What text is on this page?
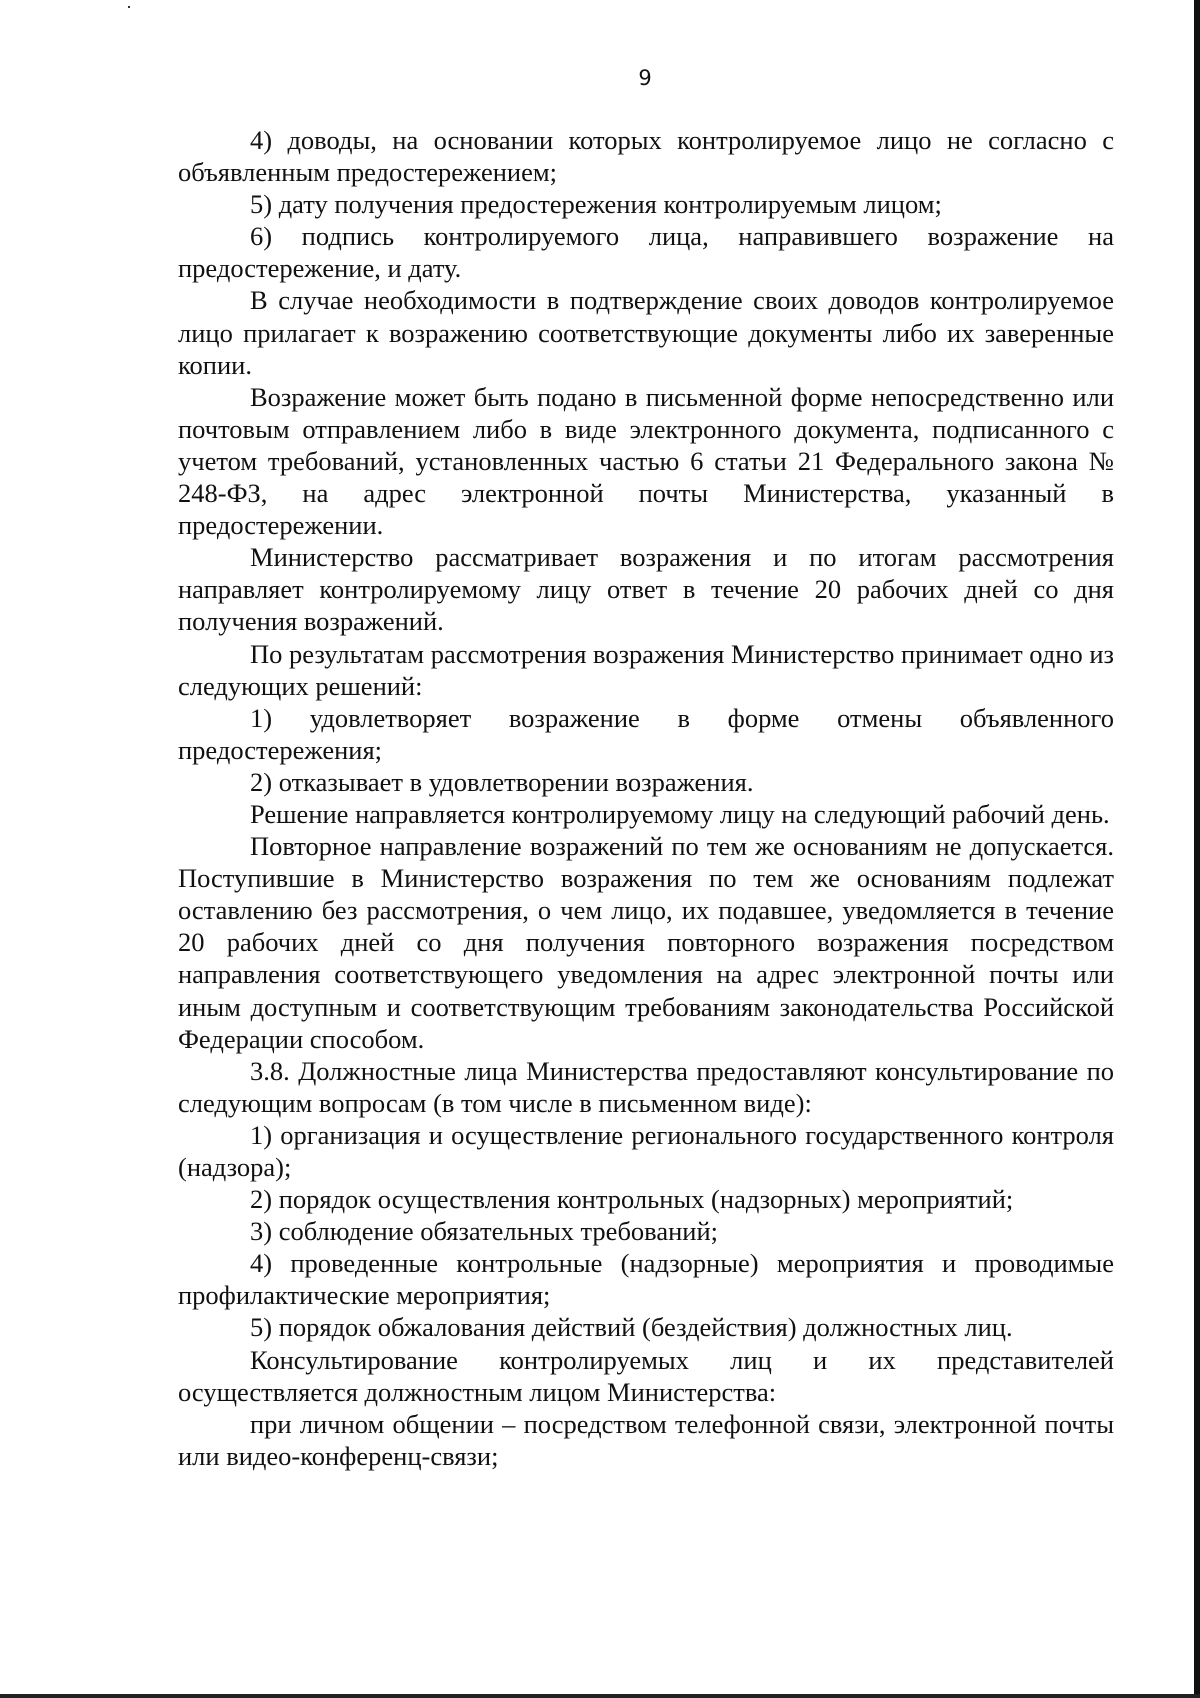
9

4) доводы, на основании которых контролируемое лицо не согласно с объявленным предостережением;

5) дату получения предостережения контролируемым лицом;

6) подпись контролируемого лица, направившего возражение на предостережение, и дату.

В случае необходимости в подтверждение своих доводов контролируемое лицо прилагает к возражению соответствующие документы либо их заверенные копии.

Возражение может быть подано в письменной форме непосредственно или почтовым отправлением либо в виде электронного документа, подписанного с учетом требований, установленных частью 6 статьи 21 Федерального закона № 248-ФЗ, на адрес электронной почты Министерства, указанный в предостережении.

Министерство рассматривает возражения и по итогам рассмотрения направляет контролируемому лицу ответ в течение 20 рабочих дней со дня получения возражений.

По результатам рассмотрения возражения Министерство принимает одно из следующих решений:

1) удовлетворяет возражение в форме отмены объявленного предостережения;

2) отказывает в удовлетворении возражения.

Решение направляется контролируемому лицу на следующий рабочий день.

Повторное направление возражений по тем же основаниям не допускается. Поступившие в Министерство возражения по тем же основаниям подлежат оставлению без рассмотрения, о чем лицо, их подавшее, уведомляется в течение 20 рабочих дней со дня получения повторного возражения посредством направления соответствующего уведомления на адрес электронной почты или иным доступным и соответствующим требованиям законодательства Российской Федерации способом.

3.8. Должностные лица Министерства предоставляют консультирование по следующим вопросам (в том числе в письменном виде):

1) организация и осуществление регионального государственного контроля (надзора);

2) порядок осуществления контрольных (надзорных) мероприятий;

3) соблюдение обязательных требований;

4) проведенные контрольные (надзорные) мероприятия и проводимые профилактические мероприятия;

5) порядок обжалования действий (бездействия) должностных лиц.

Консультирование контролируемых лиц и их представителей осуществляется должностным лицом Министерства:

при личном общении – посредством телефонной связи, электронной почты или видео-конференц-связи;
